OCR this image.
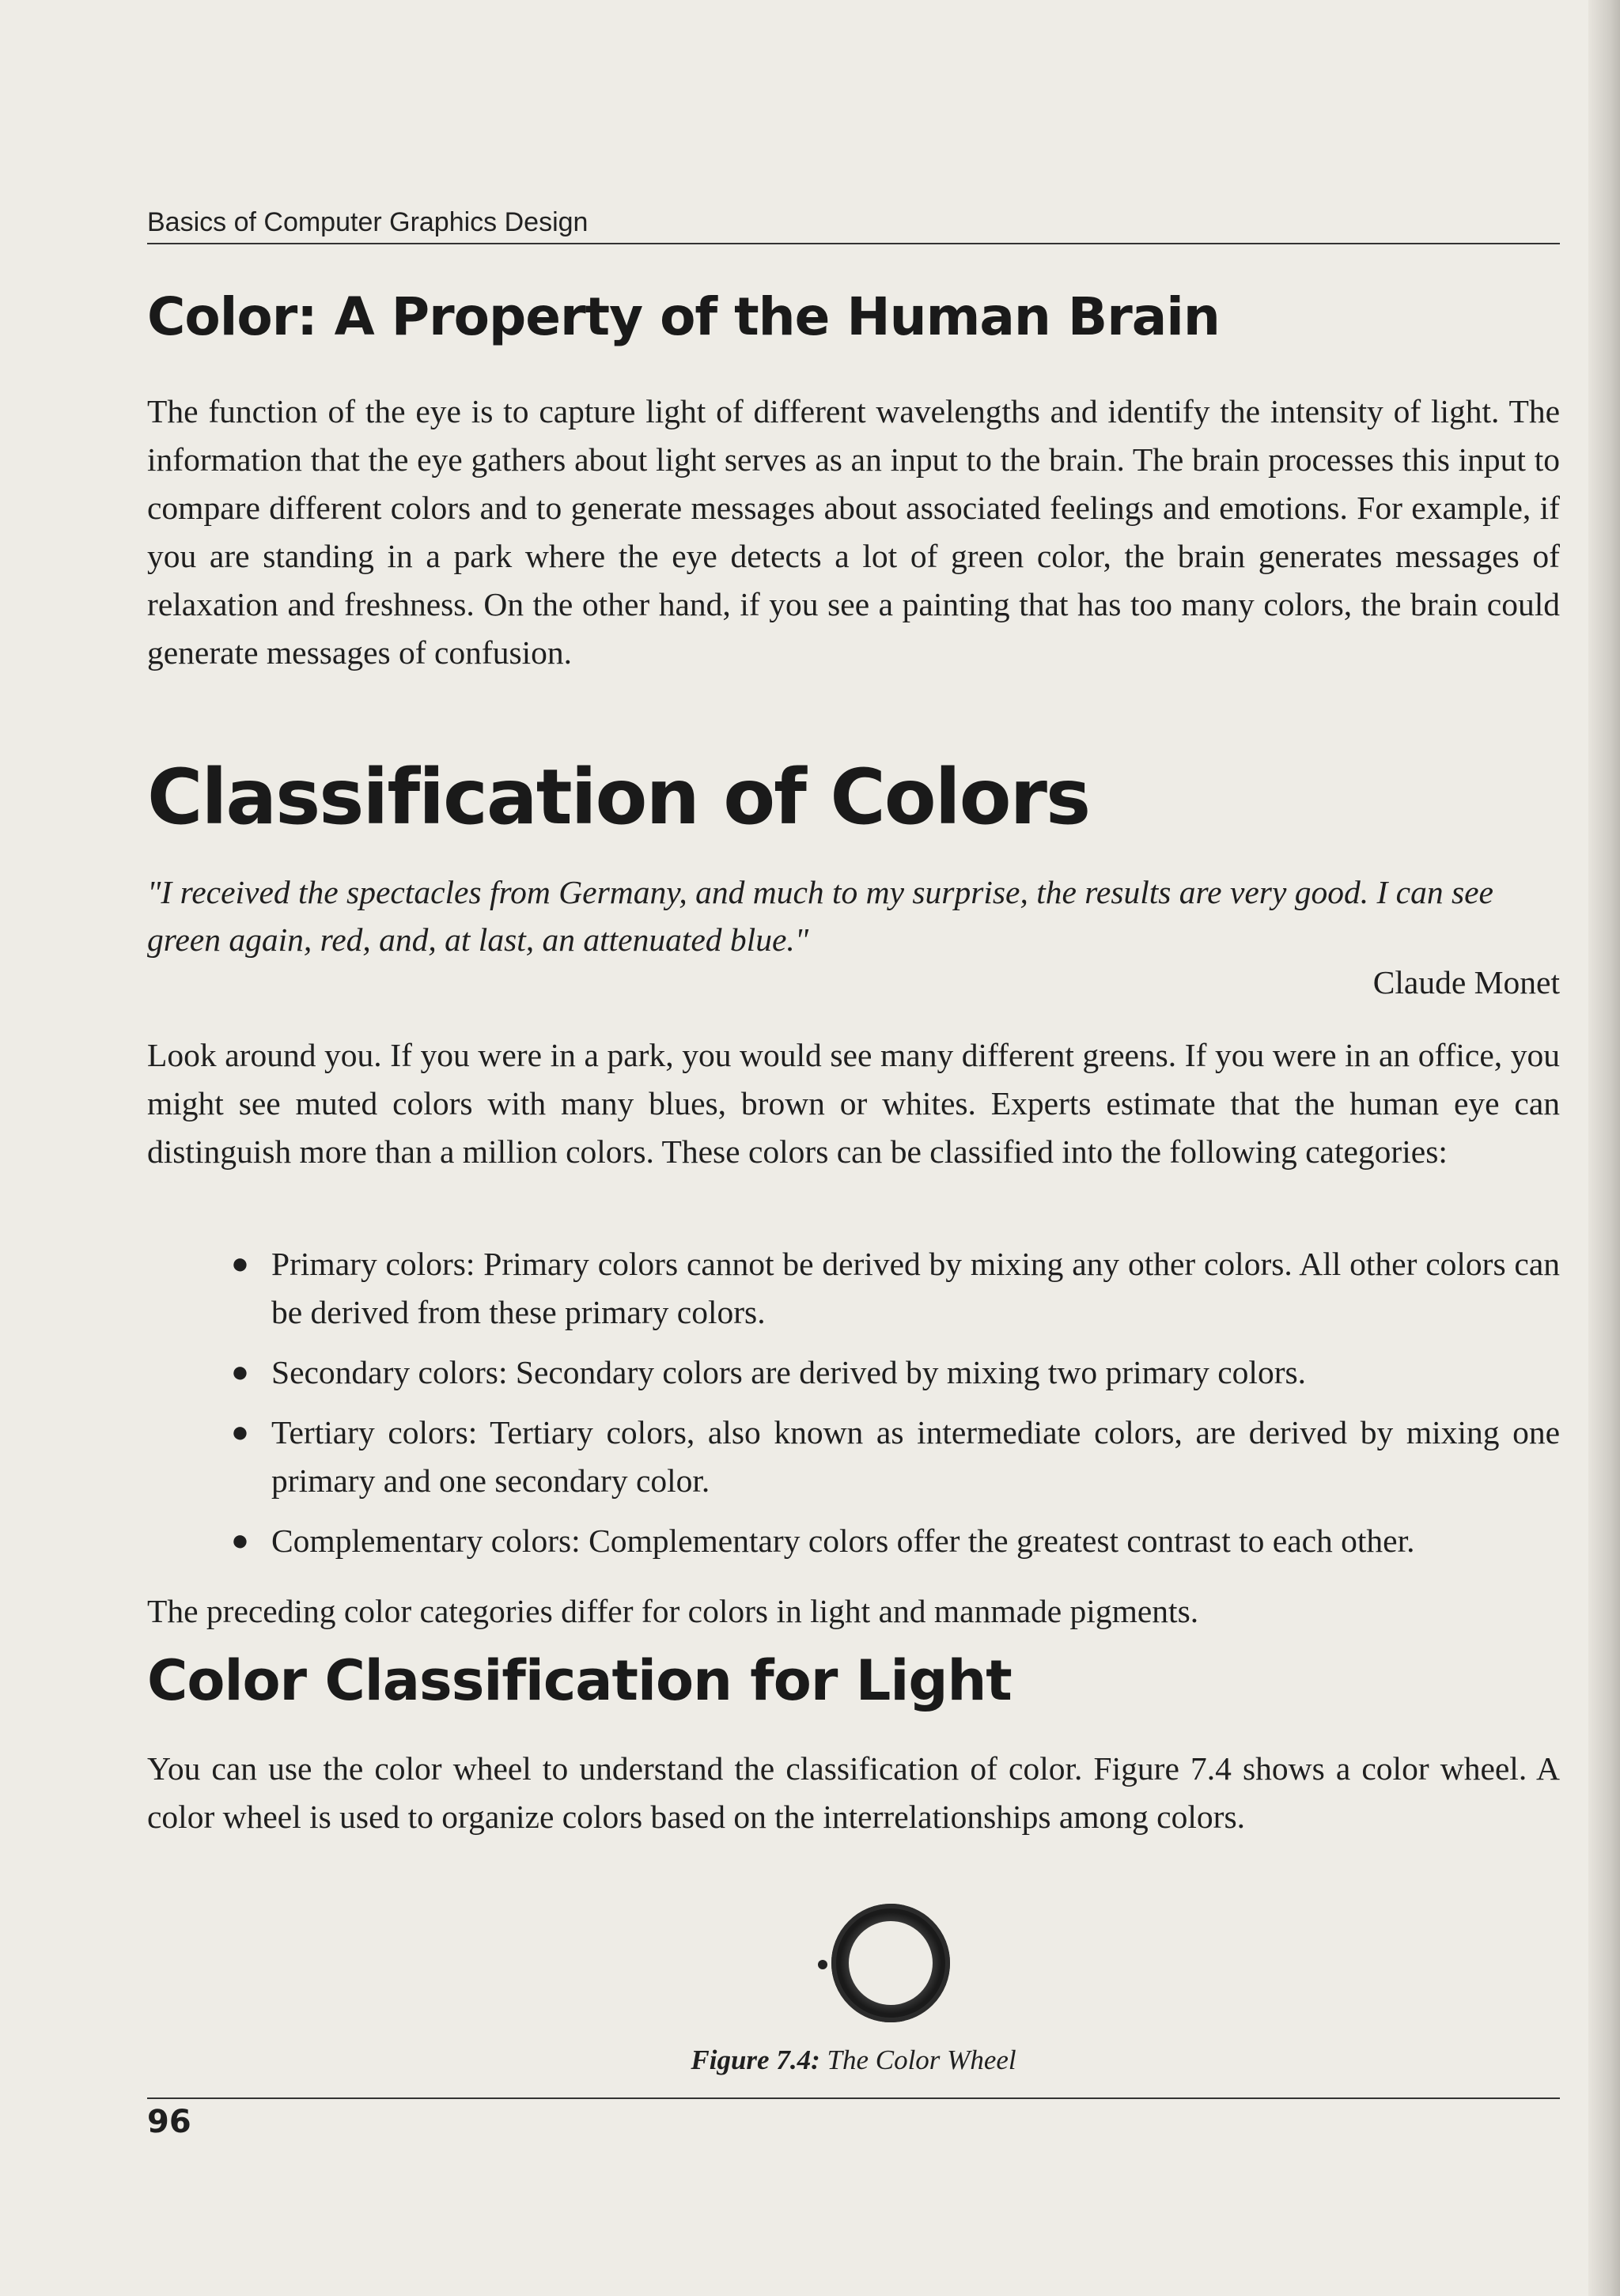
Basics of Computer Graphics Design
Color: A Property of the Human Brain

The function of the eye is to capture light of different wavelengths and identify the intensity of light. The information that the eye gathers about light serves as an input to the brain. The brain processes this input to compare different colors and to generate messages about associated feelings and emotions. For example, if you are standing in a park where the eye detects a lot of green color, the brain generates messages of relaxation and freshness. On the other hand, if you see a painting that has too many colors, the brain could generate messages of confusion.

Classification of Colors

"I received the spectacles from Germany, and much to my surprise, the results are very good. I can see green again, red, and, at last, an attenuated blue."

Claude Monet

Look around you. If you were in a park, you would see many different greens. If you were in an office, you might see muted colors with many blues, brown or whites. Experts estimate that the human eye can distinguish more than a million colors. These colors can be classified into the following categories:

● Primary colors: Primary colors cannot be derived by mixing any other colors. All other colors can be derived from these primary colors.
● Secondary colors: Secondary colors are derived by mixing two primary colors.
● Tertiary colors: Tertiary colors, also known as intermediate colors, are derived by mixing one primary and one secondary color.
● Complementary colors: Complementary colors offer the greatest contrast to each other.

The preceding color categories differ for colors in light and manmade pigments.

Color Classification for Light

You can use the color wheel to understand the classification of color. Figure 7.4 shows a color wheel. A color wheel is used to organize colors based on the interrelationships among colors.

Figure 7.4: The Color Wheel
96
